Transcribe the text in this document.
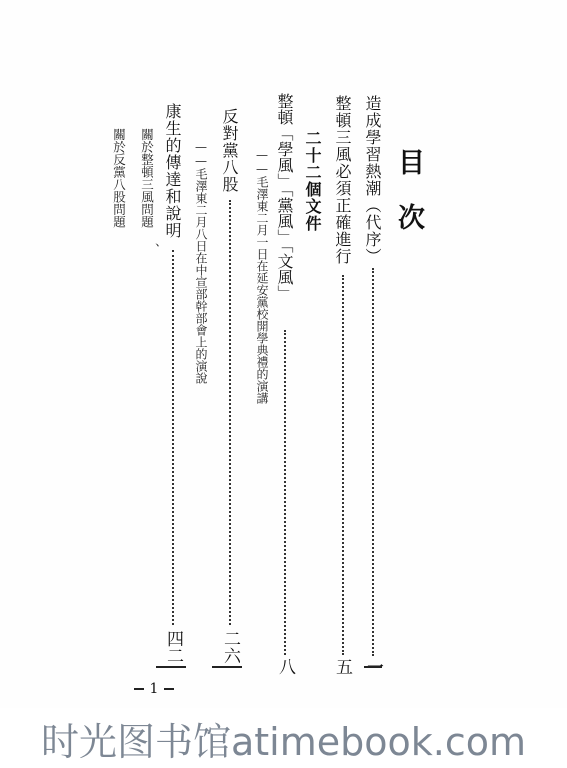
目
次
造成學習熱潮（代序）
一
整頓三風必須正確進行
五
二十二個文件
整頓「學風」「黨風」「文風」
八
——毛澤東二月一日在延安黨校開學典禮的演講
反對黨八股
二六
——毛澤東二月八日在中宣部幹部會上的演說
康生的傳達和說明
四二
、
關於整頓三風問題
關於反黨八股問題
1
时光图书馆atimebook.com
